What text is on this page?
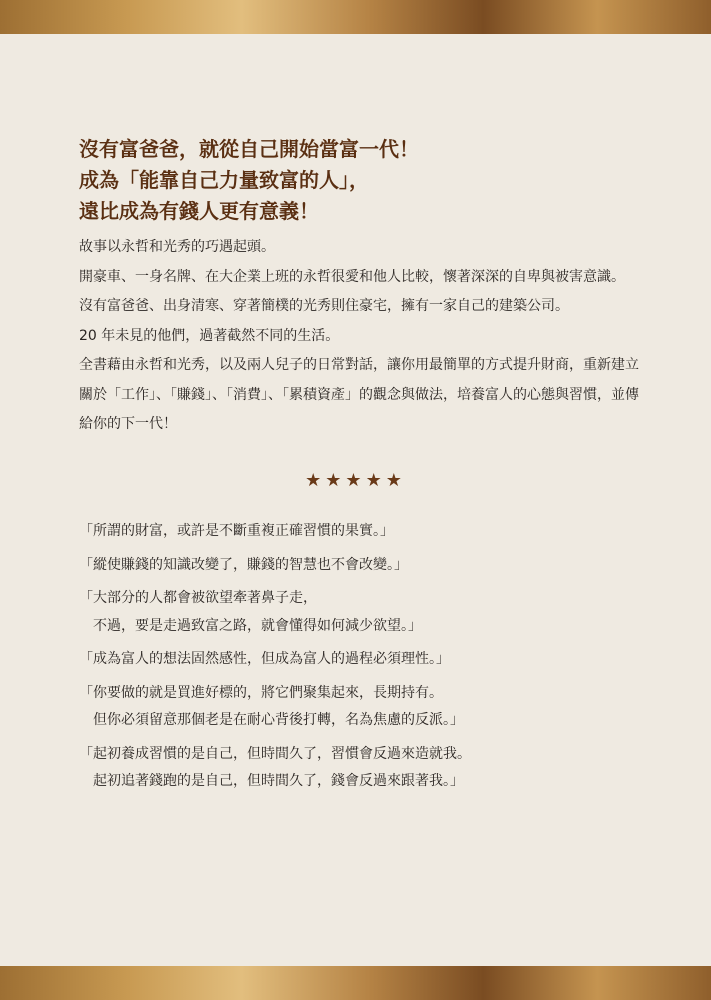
沒有富爸爸，就從自己開始當富一代！
成為「能靠自己力量致富的人」，
遠比成為有錢人更有意義！

故事以永哲和光秀的巧遇起頭。

開豪車、一身名牌、在大企業上班的永哲很愛和他人比較，懷著深深的自卑與被害意識。

沒有富爸爸、出身清寒、穿著簡樸的光秀則住豪宅，擁有一家自己的建築公司。

20 年未見的他們，過著截然不同的生活。

全書藉由永哲和光秀，以及兩人兒子的日常對話，讓你用最簡單的方式提升財商，重新建立關於「工作」、「賺錢」、「消費」、「累積資產」的觀念與做法，培養富人的心態與習慣，並傳給你的下一代！

★★★★★
「所謂的財富，或許是不斷重複正確習慣的果實。」
「縱使賺錢的知識改變了，賺錢的智慧也不會改變。」
「大部分的人都會被欲望牽著鼻子走，
不過，要是走過致富之路，就會懂得如何減少欲望。」
「成為富人的想法固然感性，但成為富人的過程必須理性。」
「你要做的就是買進好標的，將它們聚集起來，長期持有。
但你必須留意那個老是在耐心背後打轉，名為焦慮的反派。」
「起初養成習慣的是自己，但時間久了，習慣會反過來造就我。
起初追著錢跑的是自己，但時間久了，錢會反過來跟著我。」
